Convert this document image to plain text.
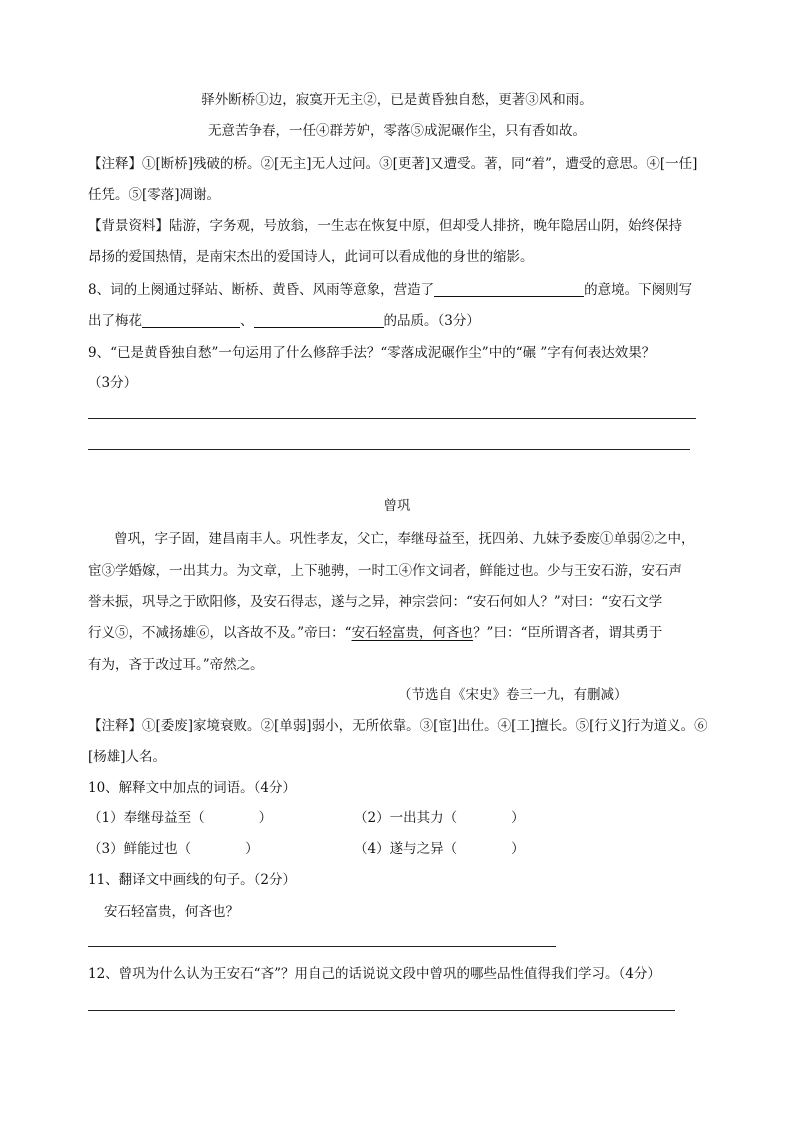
驿外断桥①边，寂寞开无主②，已是黄昏独自愁，更著③风和雨。
无意苦争春，一任④群芳妒，零落⑤成泥碾作尘，只有香如故。
【注释】①[断桥]残破的桥。②[无主]无人过问。③[更著]又遭受。著，同“着”，遭受的意思。④[一任]
任凭。⑤[零落]凋谢。
【背景资料】陆游，字务观，号放翁，一生志在恢复中原，但却受人排挤，晚年隐居山阴，始终保持
昂扬的爱国热情，是南宋杰出的爱国诗人，此词可以看成他的身世的缩影。
8、词的上阕通过驿站、断桥、黄昏、风雨等意象，营造了	的意境。下阕则写
出了梅花	、	的品质。（3分）
9、“已是黄昏独自愁”一句运用了什么修辞手法？“零落成泥碾作尘”中的“碾 ”字有何表达效果？
（3分）
曾巩
曾巩，字子固，建昌南丰人。巩性孝友，父亡，奉继母益至，抚四弟、九妹予委废①单弱②之中，
宦③学婚嫁，一出其力。为文章，上下驰骋，一时工④作文词者，鲜能过也。少与王安石游，安石声
誉未振，巩导之于欧阳修，及安石得志，遂与之异，神宗尝问：“安石何如人？”对曰：“安石文学
行义⑤，不减扬雄⑥，以吝故不及。”帝曰：“安石轻富贵，何吝也？”曰：“臣所谓吝者，谓其勇于
有为，吝于改过耳。”帝然之。
（节选自《宋史》卷三一九，有删减）
【注释】①[委废]家境衰败。②[单弱]弱小，无所依靠。③[宦]出仕。④[工]擅长。⑤[行义]行为道义。⑥
[杨雄]人名。
10、解释文中加点的词语。（4分）
（1）奉继母益至（　　　　）	（2）一出其力（　　　　）
（3）鲜能过也（　　　　）	（4）遂与之异（　　　　）
11、翻译文中画线的句子。（2分）
安石轻富贵，何吝也？
12、曾巩为什么认为王安石“吝”？用自己的话说说文段中曾巩的哪些品性值得我们学习。（4分）
